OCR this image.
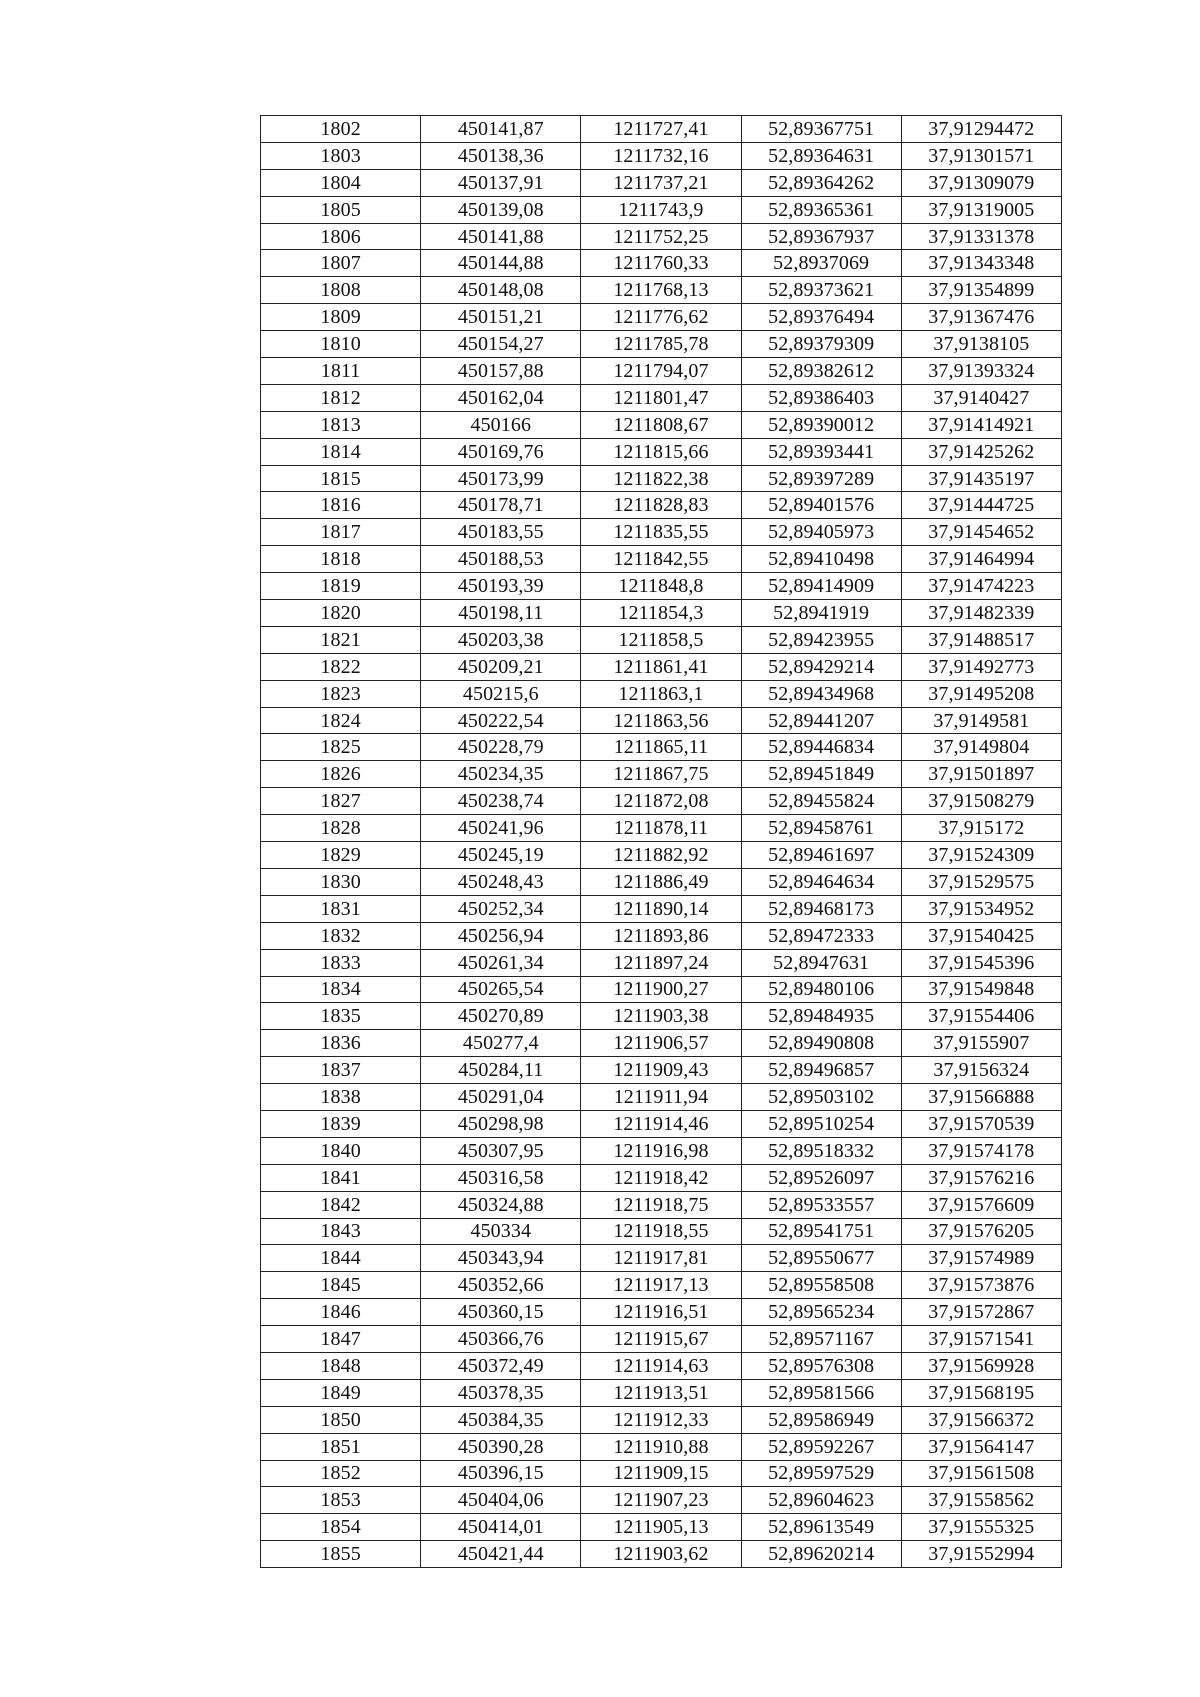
1802	450141,87	1211727,41	52,89367751	37,91294472
1803	450138,36	1211732,16	52,89364631	37,91301571
1804	450137,91	1211737,21	52,89364262	37,91309079
1805	450139,08	1211743,9	52,89365361	37,91319005
1806	450141,88	1211752,25	52,89367937	37,91331378
1807	450144,88	1211760,33	52,8937069	37,91343348
1808	450148,08	1211768,13	52,89373621	37,91354899
1809	450151,21	1211776,62	52,89376494	37,91367476
1810	450154,27	1211785,78	52,89379309	37,9138105
1811	450157,88	1211794,07	52,89382612	37,91393324
1812	450162,04	1211801,47	52,89386403	37,9140427
1813	450166	1211808,67	52,89390012	37,91414921
1814	450169,76	1211815,66	52,89393441	37,91425262
1815	450173,99	1211822,38	52,89397289	37,91435197
1816	450178,71	1211828,83	52,89401576	37,91444725
1817	450183,55	1211835,55	52,89405973	37,91454652
1818	450188,53	1211842,55	52,89410498	37,91464994
1819	450193,39	1211848,8	52,89414909	37,91474223
1820	450198,11	1211854,3	52,8941919	37,91482339
1821	450203,38	1211858,5	52,89423955	37,91488517
1822	450209,21	1211861,41	52,89429214	37,91492773
1823	450215,6	1211863,1	52,89434968	37,91495208
1824	450222,54	1211863,56	52,89441207	37,9149581
1825	450228,79	1211865,11	52,89446834	37,9149804
1826	450234,35	1211867,75	52,89451849	37,91501897
1827	450238,74	1211872,08	52,89455824	37,91508279
1828	450241,96	1211878,11	52,89458761	37,915172
1829	450245,19	1211882,92	52,89461697	37,91524309
1830	450248,43	1211886,49	52,89464634	37,91529575
1831	450252,34	1211890,14	52,89468173	37,91534952
1832	450256,94	1211893,86	52,89472333	37,91540425
1833	450261,34	1211897,24	52,8947631	37,91545396
1834	450265,54	1211900,27	52,89480106	37,91549848
1835	450270,89	1211903,38	52,89484935	37,91554406
1836	450277,4	1211906,57	52,89490808	37,9155907
1837	450284,11	1211909,43	52,89496857	37,9156324
1838	450291,04	1211911,94	52,89503102	37,91566888
1839	450298,98	1211914,46	52,89510254	37,91570539
1840	450307,95	1211916,98	52,89518332	37,91574178
1841	450316,58	1211918,42	52,89526097	37,91576216
1842	450324,88	1211918,75	52,89533557	37,91576609
1843	450334	1211918,55	52,89541751	37,91576205
1844	450343,94	1211917,81	52,89550677	37,91574989
1845	450352,66	1211917,13	52,89558508	37,91573876
1846	450360,15	1211916,51	52,89565234	37,91572867
1847	450366,76	1211915,67	52,89571167	37,91571541
1848	450372,49	1211914,63	52,89576308	37,91569928
1849	450378,35	1211913,51	52,89581566	37,91568195
1850	450384,35	1211912,33	52,89586949	37,91566372
1851	450390,28	1211910,88	52,89592267	37,91564147
1852	450396,15	1211909,15	52,89597529	37,91561508
1853	450404,06	1211907,23	52,89604623	37,91558562
1854	450414,01	1211905,13	52,89613549	37,91555325
1855	450421,44	1211903,62	52,89620214	37,91552994
